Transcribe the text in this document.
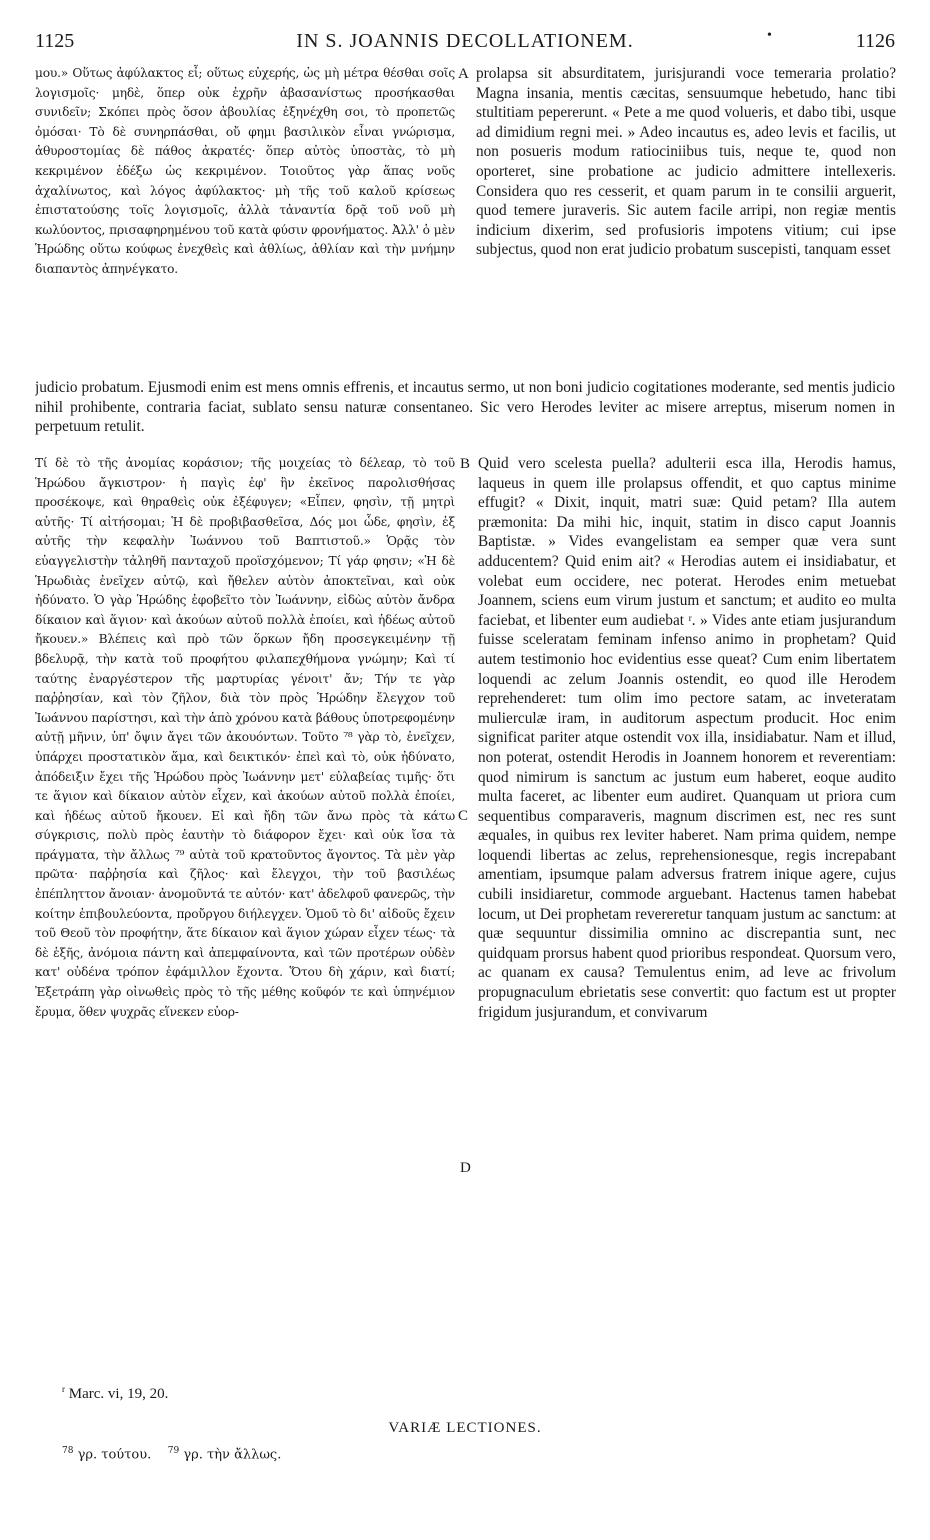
1125	IN S. JOANNIS DECOLLATIONEM.	•	1126
μου.» Οὕτως ἀφύλακτος εἶ; οὕτως εὐχερής, ὡς μὴ μέτρα θέσθαι σοῖς λογισμοῖς· μηδὲ, ὅπερ οὐκ ἐχρῆν ἀβασανίστως προσήκασθαι συνιδεῖν; Σκόπει πρὸς ὅσον ἀβουλίας ἐξηνέχθη σοι, τὸ προπετῶς ὀμόσαι· Τὸ δὲ συνηρπάσθαι, οὔ φημι βασιλικὸν εἶναι γνώρισμα, ἀθυροστομίας δὲ πάθος ἀκρατές· ὅπερ αὐτὸς ὑποστὰς, τὸ μὴ κεκριμένον ἐδέξω ὡς κεκριμένον. Τοιοῦτος γὰρ ἅπας νοῦς ἀχαλίνωτος, καὶ λόγος ἀφύλακτος· μὴ τῆς τοῦ καλοῦ κρίσεως ἐπιστατούσης τοῖς λογισμοῖς, ἀλλὰ τἀναντία δρᾷ τοῦ νοῦ μὴ κωλύοντος, πρισαφηρημένου τοῦ κατὰ φύσιν φρονήματος. Ἀλλ' ὁ μὲν Ἡρώδης οὕτω κούφως ἐνεχθεὶς καὶ ἀθλίως, ἀθλίαν καὶ τὴν μνήμην διαπαντὸς ἀπηνέγκατο.
A prolapsa sit absurditatem, jurisjurandi voce temeraria prolatio? Magna insania, mentis cæcitas, sensuumque hebetudo, hanc tibi stultitiam pepererunt. « Pete a me quod volueris, et dabo tibi, usque ad dimidium regni mei. » Adeo incautus es, adeo levis et facilis, ut non posueris modum ratiociniibus tuis, neque te, quod non oporteret, sine probatione ac judicio admittere intellexeris. Considera quo res cesserit, et quam parum in te consilii arguerit, quod temere juraveris. Sic autem facile arripi, non regiæ mentis indicium dixerim, sed profusioris impotens vitium; cui ipse subjectus, quod non erat judicio probatum suscepisti, tanquam esset
judicio probatum. Ejusmodi enim est mens omnis effrenis, et incautus sermo, ut non boni judicio cogitationes moderante, sed mentis judicio nihil prohibente, contraria faciat, sublato sensu naturæ consentaneo. Sic vero Herodes leviter ac misere arreptus, miserum nomen in perpetuum retulit.
Τί δὲ τὸ τῆς ἀνομίας κοράσιον; τῆς μοιχείας τὸ δέλεαρ, τὸ τοῦ Ἡρώδου ἄγκιστρον· ἡ παγὶς ἐφ' ἣν ἐκεῖνος παρολισθήσας προσέκοψε, καὶ θηραθεὶς οὐκ ἐξέφυγεν; «Εἶπεν, φησὶν, τῇ μητρὶ αὐτῆς· Τί αἰτήσομαι; Ἡ δὲ προβιβασθεῖσα, Δός μοι ὧδε, φησὶν, ἐξ αὐτῆς τὴν κεφαλὴν Ἰωάννου τοῦ Βαπτιστοῦ.» Ὁρᾷς τὸν εὐαγγελιστὴν τἀληθῆ πανταχοῦ προϊσχόμενον; Τί γάρ φησιν; «Ἡ δὲ Ἡρωδιὰς ἐνεῖχεν αὐτῷ, καὶ ἤθελεν αὐτὸν ἀποκτεῖναι, καὶ οὐκ ἠδύνατο. Ὁ γὰρ Ἡρώδης ἐφοβεῖτο τὸν Ἰωάννην, εἰδὼς αὐτὸν ἄνδρα δίκαιον καὶ ἅγιον· καὶ ἀκούων αὐτοῦ πολλὰ ἐποίει, καὶ ἡδέως αὐτοῦ ἤκουεν.» Βλέπεις καὶ πρὸ τῶν ὅρκων ἤδη προσεγκειμένην τῇ βδελυρᾷ, τὴν κατὰ τοῦ προφήτου φιλαπεχθήμονα γνώμην; Καὶ τί ταύτης ἐναργέστερον τῆς μαρτυρίας γένοιτ' ἄν; Τήν τε γὰρ παῤῥησίαν, καὶ τὸν ζῆλον, διὰ τὸν πρὸς Ἡρώδην ἔλεγχον τοῦ Ἰωάννου παρίστησι, καὶ τὴν ἀπὸ χρόνου κατὰ βάθους ὑποτρεφομένην αὐτῇ μῆνιν, ὑπ' ὄψιν ἄγει τῶν ἀκουόντων. Τοῦτο ⁷⁸ γὰρ τὸ, ἐνεῖχεν, ὑπάρχει προστατικὸν ἅμα, καὶ δεικτικόν· ἐπεὶ καὶ τὸ, οὐκ ἠδύνατο, ἀπόδειξιν ἔχει τῆς Ἡρώδου πρὸς Ἰωάννην μετ' εὐλαβείας τιμῆς· ὅτι τε ἅγιον καὶ δίκαιον αὐτὸν εἶχεν, καὶ ἀκούων αὐτοῦ πολλὰ ἐποίει, καὶ ἡδέως αὐτοῦ ἤκουεν. Εἰ καὶ ἤδη τῶν ἄνω πρὸς τὰ κάτω σύγκρισις, πολὺ πρὸς ἑαυτὴν τὸ διάφορον ἔχει· καὶ οὐκ ἴσα τὰ πράγματα, τὴν ἄλλως ⁷⁹ αὐτὰ τοῦ κρατοῦντος ἄγοντος. Τὰ μὲν γὰρ πρῶτα· παῤῥησία καὶ ζῆλος· καὶ ἔλεγχοι, τὴν τοῦ βασιλέως ἐπέπληττον ἄνοιαν· ἀνομοῦντά τε αὐτόν· κατ' ἀδελφοῦ φανερῶς, τὴν κοίτην ἐπιβουλεύοντα, προὔργου διήλεγχεν. Ὁμοῦ τὸ δι' αἰδοῦς ἔχειν τοῦ Θεοῦ τὸν προφήτην, ἅτε δίκαιον καὶ ἅγιον χώραν εἶχεν τέως· τὰ δὲ ἑξῆς, ἀνόμοια πάντη καὶ ἀπεμφαίνοντα, καὶ τῶν προτέρων οὐδὲν κατ' οὐδένα τρόπον ἐφάμιλλον ἔχοντα. Ὅτου δὴ χάριν, καὶ διατί; Ἐξετράπη γὰρ οἰνωθεὶς πρὸς τὸ τῆς μέθης κοῦφόν τε καὶ ὑπηνέμιον ἔρυμα, ὅθεν ψυχρᾶς εἵνεκεν εὐορ-
B
C
D
Quid vero scelesta puella? adulterii esca illa, Herodis hamus, laqueus in quem ille prolapsus offendit, et quo captus minime effugit? « Dixit, inquit, matri suæ: Quid petam? Illa autem præmonita: Da mihi hic, inquit, statim in disco caput Joannis Baptistæ. » Vides evangelistam ea semper quæ vera sunt adducentem? Quid enim ait? « Herodias autem ei insidiabatur, et volebat eum occidere, nec poterat. Herodes enim metuebat Joannem, sciens eum virum justum et sanctum; et audito eo multa faciebat, et libenter eum audiebat ʳ. » Vides ante etiam jusjurandum fuisse sceleratam feminam infenso animo in prophetam? Quid autem testimonio hoc evidentius esse queat? Cum enim libertatem loquendi ac zelum Joannis ostendit, eo quod ille Herodem reprehenderet: tum olim imo pectore satam, ac inveteratam mulierculæ iram, in auditorum aspectum producit. Hoc enim significat pariter atque ostendit vox illa, insidiabatur. Nam et illud, non poterat, ostendit Herodis in Joannem honorem et reverentiam: quod nimirum is sanctum ac justum eum haberet, eoque audito multa faceret, ac libenter eum audiret. Quanquam ut priora cum sequentibus comparaveris, magnum discrimen est, nec res sunt æquales, in quibus rex leviter haberet. Nam prima quidem, nempe loquendi libertas ac zelus, reprehensionesque, regis increpabant amentiam, ipsumque palam adversus fratrem inique agere, cujus cubili insidiaretur, commode arguebant. Hactenus tamen habebat locum, ut Dei prophetam revereretur tanquam justum ac sanctum: at quæ sequuntur dissimilia omnino ac discrepantia sunt, nec quidquam prorsus habent quod prioribus respondeat. Quorsum vero, ac quanam ex causa? Temulentus enim, ad leve ac frivolum propugnaculum ebrietatis sese convertit: quo factum est ut propter frigidum jusjurandum, et convivarum
$^r$ Marc. vi, 19, 20.
VARIÆ LECTIONES.
$^{78}$ γρ. τούτου. $^{79}$ γρ. τὴν ἄλλως.
